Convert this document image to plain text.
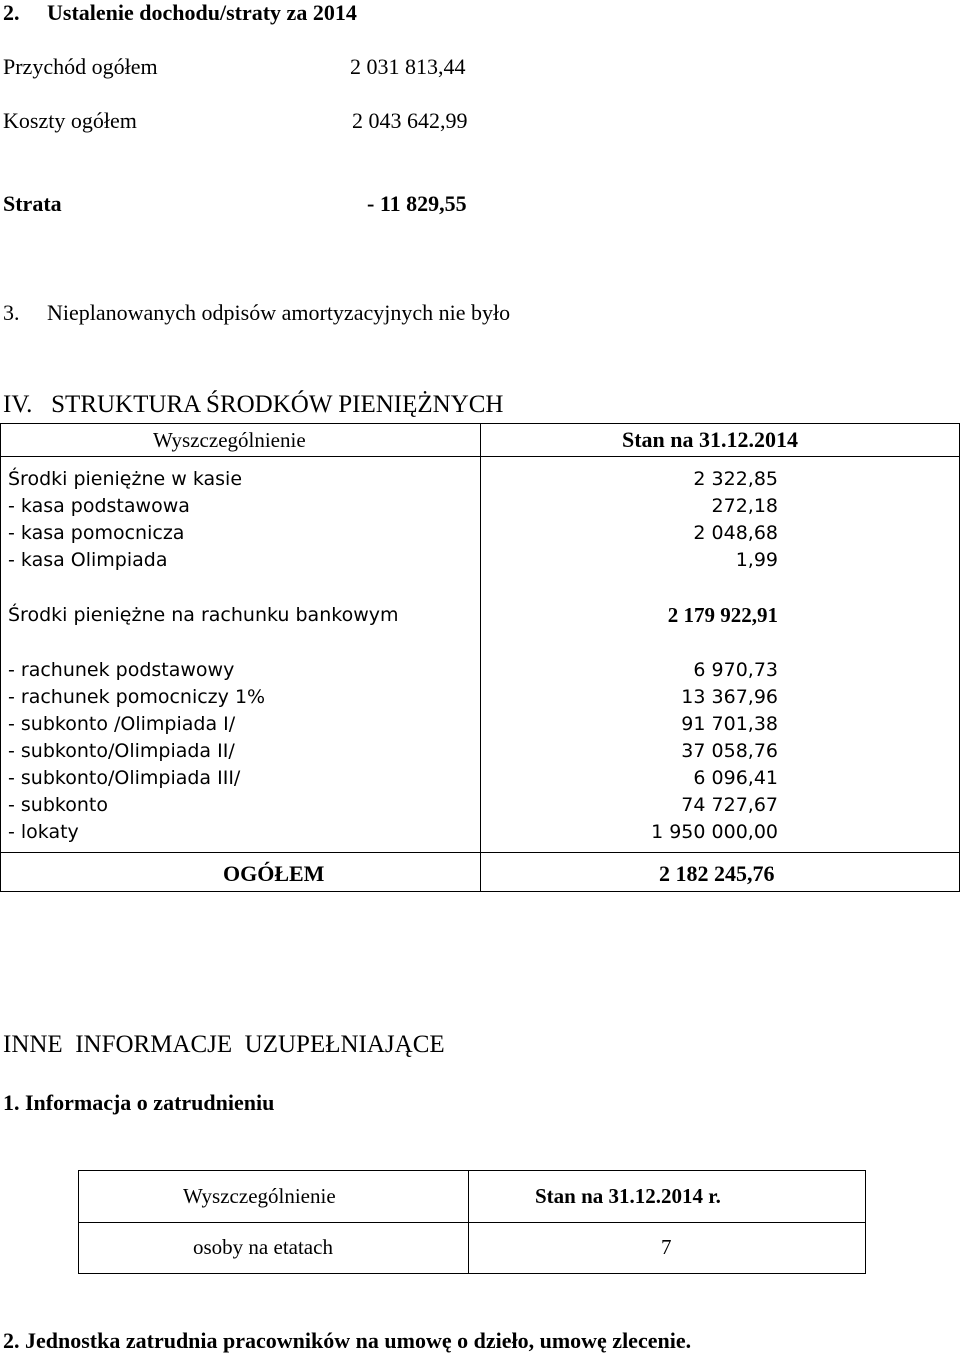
2.     Ustalenie dochodu/straty za 2014
Przychód ogółem	2 031 813,44
Koszty ogółem	2 043 642,99
Strata	- 11 829,55
3.     Nieplanowanych odpisów amortyzacyjnych nie było
IV.   STRUKTURA ŚRODKÓW PIENIĘŻNYCH
Wyszczególnienie	Stan na 31.12.2014
Środki pieniężne w kasie	2 322,85
- kasa podstawowa	272,18
- kasa pomocnicza	2 048,68
- kasa Olimpiada	1,99
Środki pieniężne na rachunku bankowym	2 179 922,91
- rachunek podstawowy	6 970,73
- rachunek pomocniczy 1%	13 367,96
- subkonto /Olimpiada I/	91 701,38
- subkonto/Olimpiada II/	37 058,76
- subkonto/Olimpiada III/	6 096,41
- subkonto	74 727,67
- lokaty	1 950 000,00
OGÓŁEM	2 182 245,76
INNE  INFORMACJE  UZUPEŁNIAJĄCE
1. Informacja o zatrudnieniu
Wyszczególnienie	Stan na 31.12.2014 r.
osoby na etatach	7
2. Jednostka zatrudnia pracowników na umowę o dzieło, umowę zlecenie.
